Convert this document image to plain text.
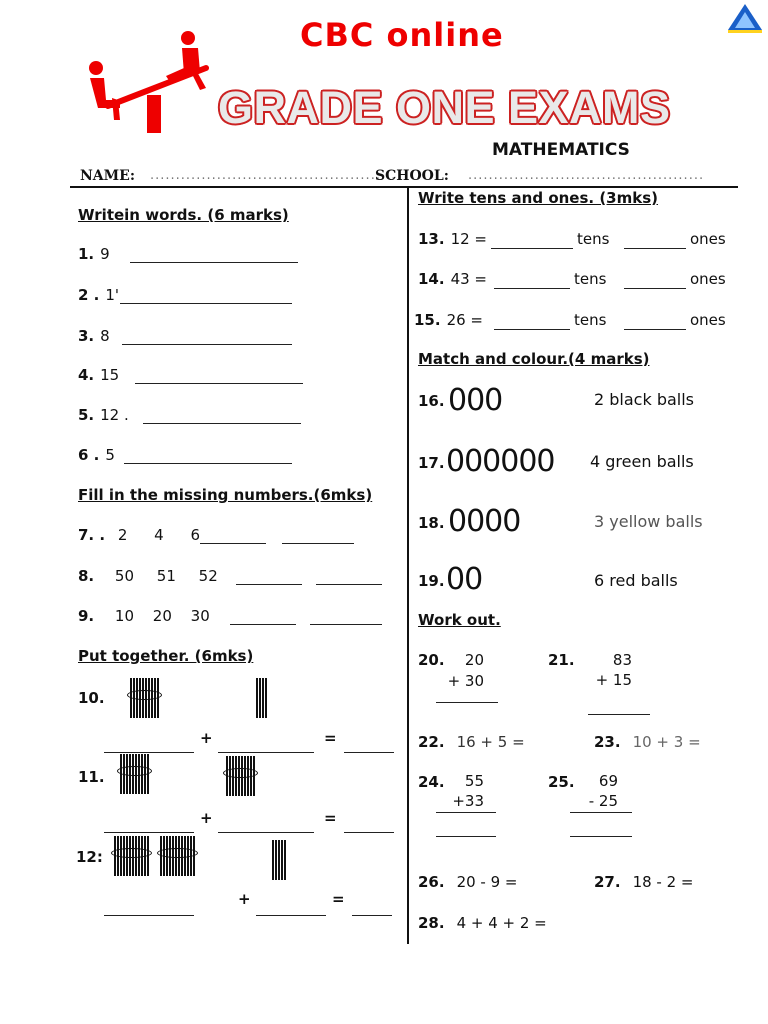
CBC online
GRADE ONE EXAMS
MATHEMATICS
NAME: ................................................
SCHOOL: ..............................................
Writein words. (6 marks)
1. 9
2 . 1'
3. 8
4. 15
5. 12 .
6 . 5
Fill in the missing numbers.(6mks)
7. . 2 4 6
8. 50 51 52
9. 10 20 30
Put together. (6mks)
10.
+	=
11.
+	=
12:
+	=
Write tens and ones. (3mks)
13. 12 =	tens	ones
14. 43 =	tens	ones
15. 26 =	tens	ones
Match and colour.(4 marks)
16. 000	2 black balls
17. 000000 4 green balls
18. 0000	3 yellow balls
19. 00	6 red balls
Work out.
20.	20
+ 30
21.	83
+ 15
22. 16 + 5 =	23. 10 + 3 =
24.	55
+33
25.	69
- 25
26. 20 - 9 =	27. 18 - 2 =
28. 4 + 4 + 2 =
